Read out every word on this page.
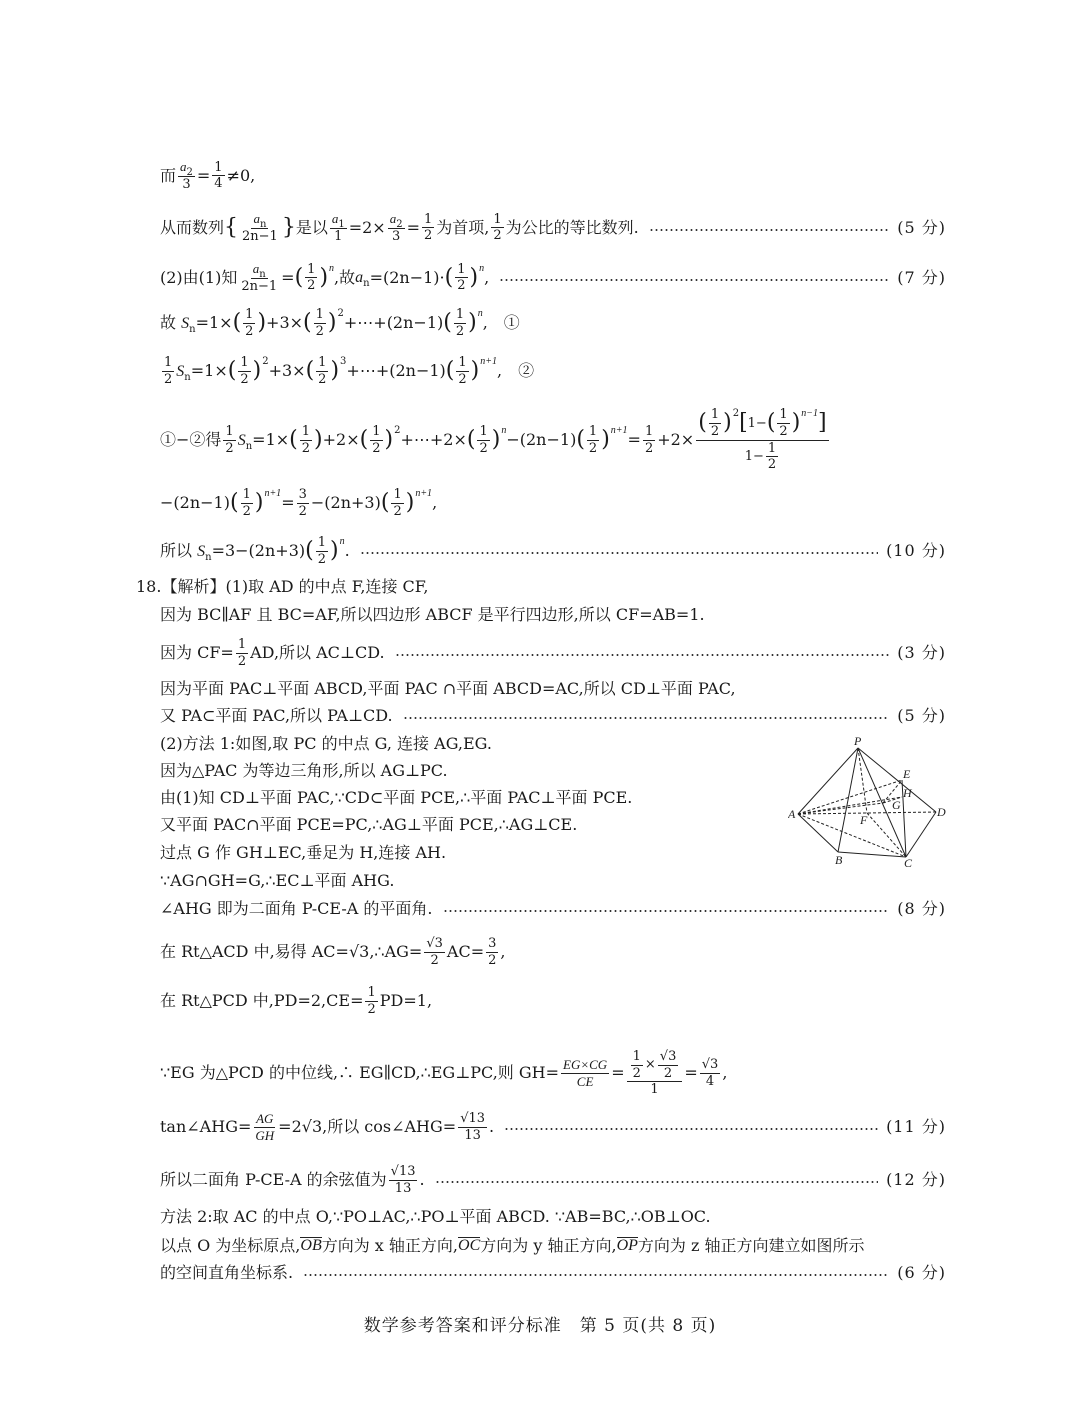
而 $\frac{a_2}{3} = \frac{1}{4} \ne 0$,
从而数列 { $\frac{a_n}{2n-1}$ } 是以 $\frac{a_1}{1} =2\times \frac{a_2}{3} = \frac{1}{2}$ 为首项, $\frac{1}{2}$ 为公比的等比数列.	(5 分)
(2)由(1)知 $\frac{a_n}{2n-1}$ = ( $\frac{1}{2}$ ) n ,故 $a_n =(2n-1)\cdot$ ( $\frac{1}{2}$ ) n ,	(7 分)
故
$S_n =1\times$ ( $\frac{1}{2}$ ) +3× ( $\frac{1}{2}$ ) 2 +⋯+(2n−1) ( $\frac{1}{2}$ ) n ,　①
$\frac{1}{2} S_n =1\times$ ( $\frac{1}{2}$ ) 2 +3× ( $\frac{1}{2}$ ) 3 +⋯+(2n−1) ( $\frac{1}{2}$ ) n+1 ,　②
①−②得 $\frac{1}{2} S_n =1\times$ ( $\frac{1}{2}$ ) +2× ( $\frac{1}{2}$ ) 2 +⋯+2× ( $\frac{1}{2}$ ) n −(2n−1) ( $\frac{1}{2}$ ) $n+1 = \frac{1}{2} +2\times \frac{( \frac{1}{2} ) 2 [ 1- ( \frac{1}{2} ) n-1 ]}{1- \frac{1}{2}}$
−(2n−1) ( $\frac{1}{2}$ ) $n+1 = \frac{3}{2} -(2n+3)$ ( $\frac{1}{2}$ ) n+1 ,
所以
$S_n =3-(2n+3)$ ( $\frac{1}{2}$ ) n .	(10 分)
18.【解析】(1)取 AD 的中点 F,连接 CF,
因为 BC∥AF 且 BC=AF,所以四边形 ABCF 是平行四边形,所以 CF=AB=1.
因为 $CF= \frac{1}{2}$ AD,所以 AC⊥CD.	(3 分)
因为平面 PAC⊥平面 ABCD,平面 PAC ∩平面 ABCD=AC,所以 CD⊥平面 PAC,
又 PA⊂平面 PAC,所以 PA⊥CD.	(5 分)
(2)方法 1:如图,取 PC 的中点 G, 连接 AG,EG.
因为△PAC 为等边三角形,所以 AG⊥PC.
由(1)知 CD⊥平面 PAC,∵CD⊂平面 PCE,∴平面 PAC⊥平面 PCE.
又平面 PAC∩平面 PCE=PC,∴AG⊥平面 PCE,∴AG⊥CE.
过点 G 作 GH⊥EC,垂足为 H,连接 AH.
∵AG∩GH=G,∴EC⊥平面 AHG.
∠AHG 即为二面角 P-CE-A 的平面角.	(8 分)
P
A
B	C
D
E
F
G
H
在 Rt△ACD 中,易得 AC=√3,∴AG= $\frac{√3}{2} AC= \frac{3}{2}$ ,
在 Rt△PCD 中$,PD=2,CE= \frac{1}{2} PD=1$,
∵EG 为△PCD 的中位线,∴ EG∥CD,∴EG⊥PC,则 $GH= \frac{EG\times CG}{CE} = \frac{\frac{1}{2} \times \frac{√3}{2}}{1} = \frac{√3}{4}$ ,
tan∠AHG= $\frac{AG}{GH} =2√3$,所以 cos∠AHG= $\frac{√13}{13}$ .	(11 分)
所以二面角 P-CE-A 的余弦值为 $\frac{√13}{13}$ .	(12 分)
方法 2:取 AC 的中点 O,∵PO⊥AC,∴PO⊥平面 ABCD. ∵AB=BC,∴OB⊥OC.
以点 O 为坐标原点, OB 方向为 x 轴正方向, OC 方向为 y 轴正方向, OP 方向为 z 轴正方向建立如图所示
的空间直角坐标系.	(6 分)
数学参考答案和评分标准　第 5 页(共 8 页)
